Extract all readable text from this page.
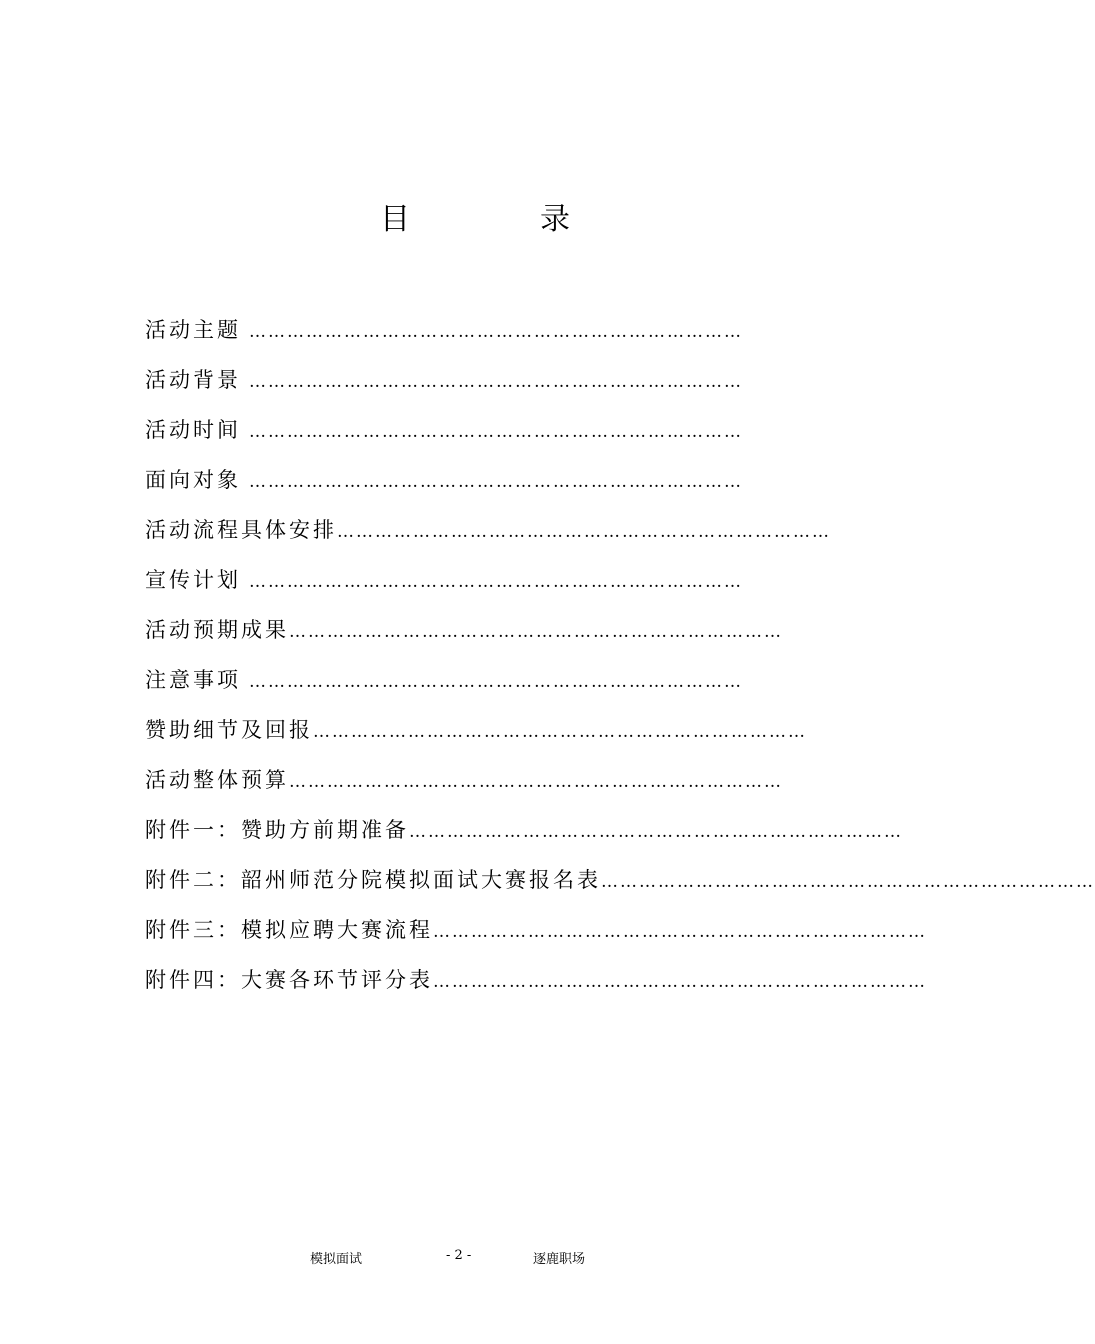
目　录
活动主题 ……………………………………………………………………
活动背景 ……………………………………………………………………
活动时间 ……………………………………………………………………
面向对象 ……………………………………………………………………
活动流程具体安排 ……………………………………………………………………
宣传计划 ……………………………………………………………………
活动预期成果 ……………………………………………………………………
注意事项 ……………………………………………………………………
赞助细节及回报 ……………………………………………………………………
活动整体预算 ……………………………………………………………………
附件一：赞助方前期准备 ……………………………………………………………………
附件二：韶州师范分院模拟面试大赛报名表 ……………………………………………………………………
附件三：模拟应聘大赛流程 ……………………………………………………………………
附件四：大赛各环节评分表 ……………………………………………………………………
模拟面试	- 2 -	逐鹿职场
